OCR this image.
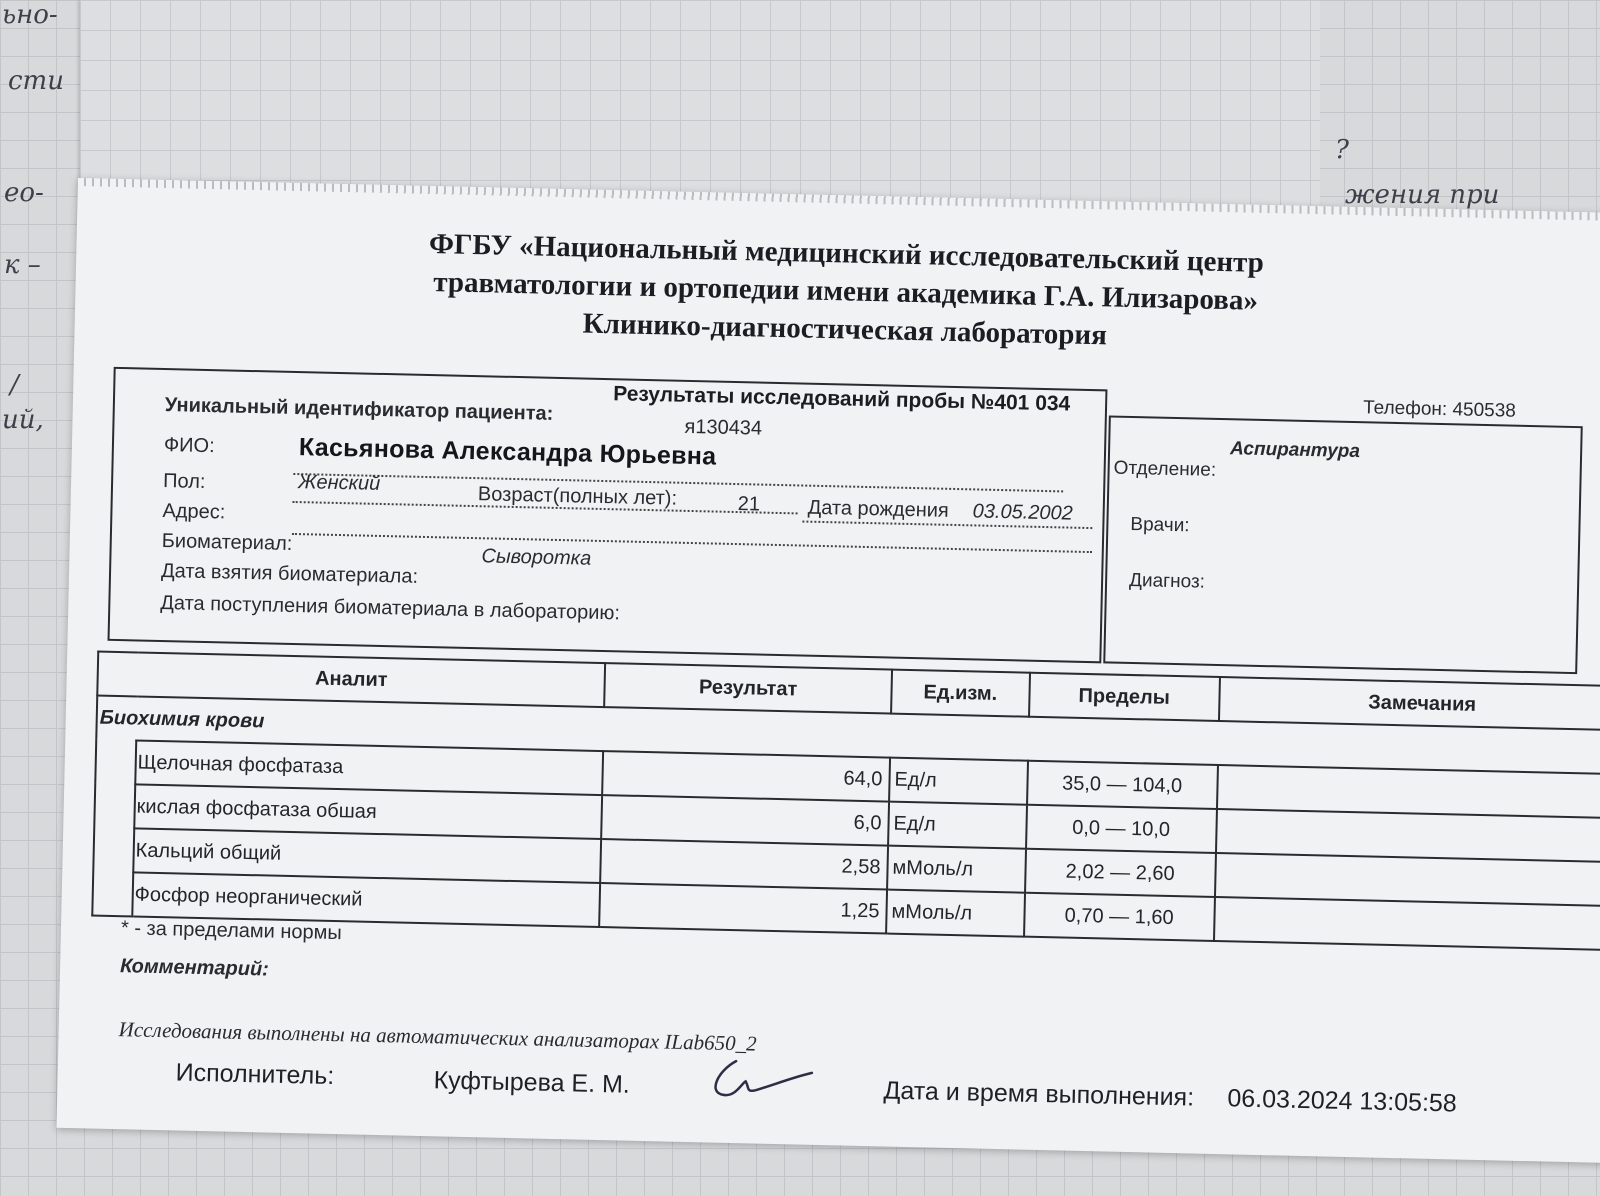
ьно-
сти
ео-
к –
/
ий,
?
жения при
ФГБУ «Национальный медицинский исследовательский центр
травматологии и ортопедии имени академика Г.А. Илизарова»
Клинико-диагностическая лаборатория
Результаты исследований пробы №401 034	Телефон: 450538
Уникальный идентификатор пациента:
я130434
ФИО:	Касьянова Александра Юрьевна
Пол:	Женский
Возраст(полных лет):	21 Дата рождения 03.05.2002
Адрес:
Биоматериал:
Сыворотка
Дата взятия биоматериала:
Дата поступления биоматериала в лабораторию:
Аспирантура
Отделение:
Врачи:
Диагноз:
Аналит		Результат	Ед.изм.	Пределы	Замечания
Биохимия крови					
	Щелочная фосфатаза	64,0	Ед/л	35,0 — 104,0	
	кислая фосфатаза обшая	6,0	Ед/л	0,0 — 10,0	
	Кальций общий	2,58	мМоль/л	2,02 — 2,60	
	Фосфор неорганический	1,25	мМоль/л	0,70 — 1,60	
* - за пределами нормы
Комментарий:
Исследования выполнены на автоматических анализаторах ILab650_2
Исполнитель:	Куфтырева Е. М.	Дата и время выполнения: 06.03.2024 13:05:58
